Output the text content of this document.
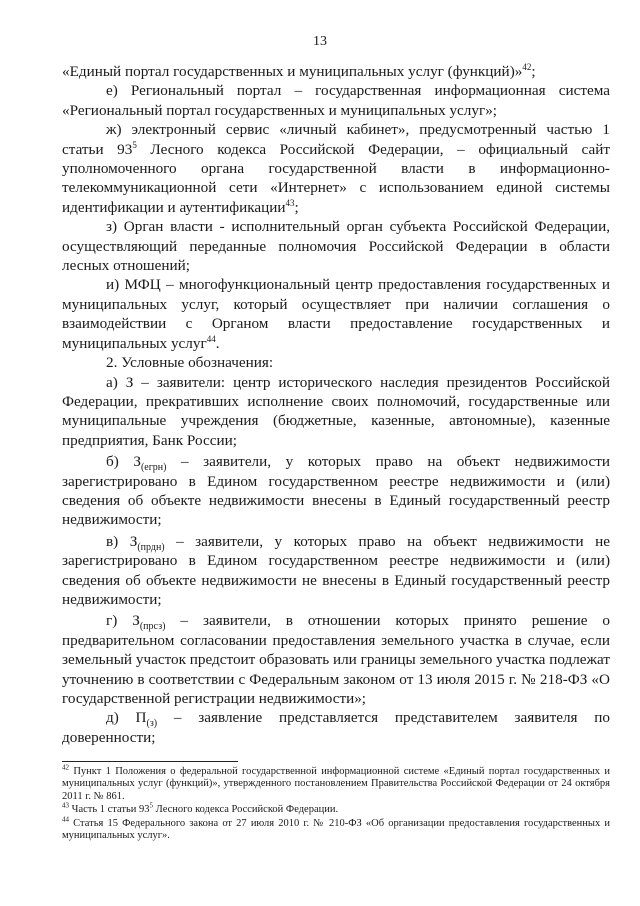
13

«Единый портал государственных и муниципальных услуг (функций)»$^{42}$;

е) Региональный портал – государственная информационная система «Региональный портал государственных и муниципальных услуг»;

ж) электронный сервис «личный кабинет», предусмотренный частью 1 статьи $93^5$ Лесного кодекса Российской Федерации, – официальный сайт уполномоченного органа государственной власти в информационно-телекоммуникационной сети «Интернет» с использованием единой системы идентификации и аутентификации$^{43}$;

з) Орган власти - исполнительный орган субъекта Российской Федерации, осуществляющий переданные полномочия Российской Федерации в области лесных отношений;

и) МФЦ – многофункциональный центр предоставления государственных и муниципальных услуг, который осуществляет при наличии соглашения о взаимодействии с Органом власти предоставление государственных и муниципальных услуг$^{44}$.

2. Условные обозначения:

а) З – заявители: центр исторического наследия президентов Российской Федерации, прекративших исполнение своих полномочий, государственные или муниципальные учреждения (бюджетные, казенные, автономные), казенные предприятия, Банк России;

б) $З_{(егрн)}$ – заявители, у которых право на объект недвижимости зарегистрировано в Едином государственном реестре недвижимости и (или) сведения об объекте недвижимости внесены в Единый государственный реестр недвижимости;

в) $З_{(прдн)}$ – заявители, у которых право на объект недвижимости не зарегистрировано в Едином государственном реестре недвижимости и (или) сведения об объекте недвижимости не внесены в Единый государственный реестр недвижимости;

г) $З_{(прсз)}$ – заявители, в отношении которых принято решение о предварительном согласовании предоставления земельного участка в случае, если земельный участок предстоит образовать или границы земельного участка подлежат уточнению в соответствии с Федеральным законом от 13 июля 2015 г. № 218-ФЗ «О государственной регистрации недвижимости»;

д) $П_{(з)}$ – заявление представляется представителем заявителя по доверенности;

$^{42}$ Пункт 1 Положения о федеральной государственной информационной системе «Единый портал государственных и муниципальных услуг (функций)», утвержденного постановлением Правительства Российской Федерации от 24 октября 2011 г. № 861.

$^{43}$ Часть 1 статьи $93^5$ Лесного кодекса Российской Федерации.

$^{44}$ Статья 15 Федерального закона от 27 июля 2010 г. № 210-ФЗ «Об организации предоставления государственных и муниципальных услуг».
